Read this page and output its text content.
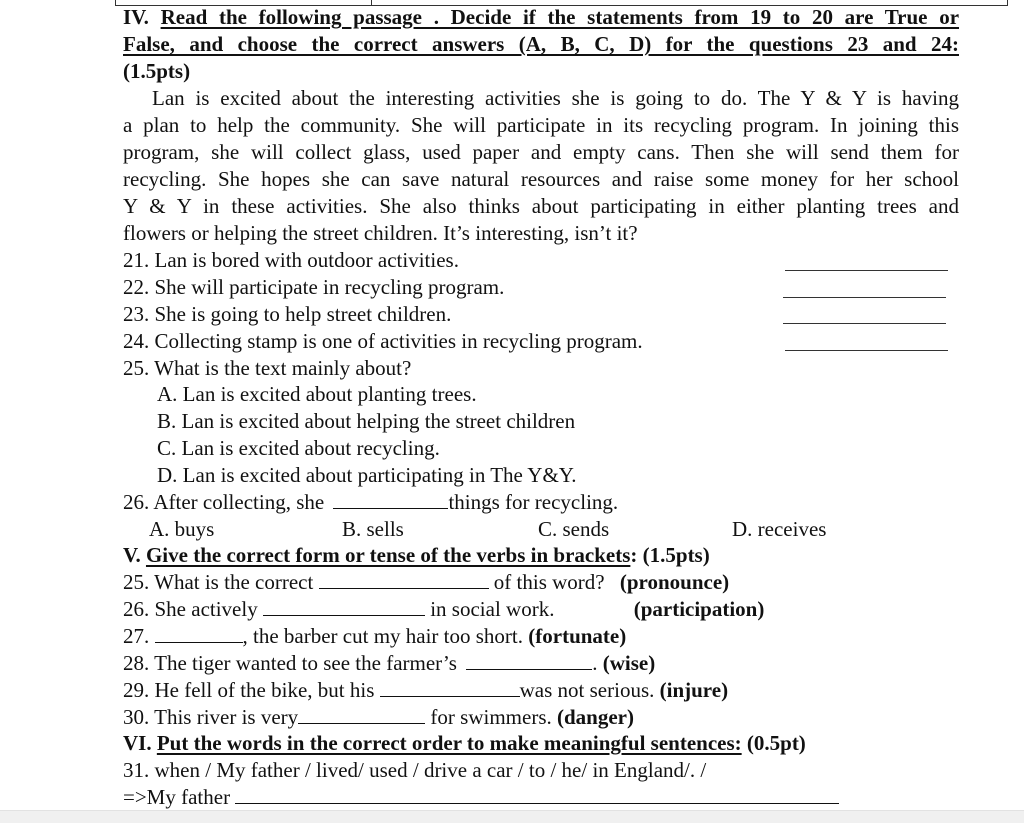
IV. Read the following passage . Decide if the statements from 19 to 20 are True or
False, and choose the correct answers (A, B, C, D) for the questions 23 and 24:
(1.5pts)
Lan is excited about the interesting activities she is going to do. The Y & Y is having
a plan to help the community. She will participate in its recycling program. In joining this
program, she will collect glass, used paper and empty cans. Then she will send them for
recycling. She hopes she can save natural resources and raise some money for her school
Y & Y in these activities. She also thinks about participating in either planting trees and
flowers or helping the street children. It’s interesting, isn’t it?
21. Lan is bored with outdoor activities.
22. She will participate in recycling program.
23. She is going to help street children.
24. Collecting stamp is one of activities in recycling program.
25. What is the text mainly about?
A. Lan is excited about planting trees.
B. Lan is excited about helping the street children
C. Lan is excited about recycling.
D. Lan is excited about participating in The Y&Y.
26. After collecting, she	things for recycling.
A. buys	B. sells	C. sends	D. receives
V. Give the correct form or tense of the verbs in brackets: (1.5pts)
25. What is the correct	of this word? (pronounce)
26. She actively	in social work.	(participation)
27.	, the barber cut my hair too short. (fortunate)
28. The tiger wanted to see the farmer’s	. (wise)
29. He fell of the bike, but his	was not serious. (injure)
30. This river is very	for swimmers. (danger)
VI. Put the words in the correct order to make meaningful sentences: (0.5pt)
31. when / My father / lived/ used / drive a car / to / he/ in England/. /
=>My father
